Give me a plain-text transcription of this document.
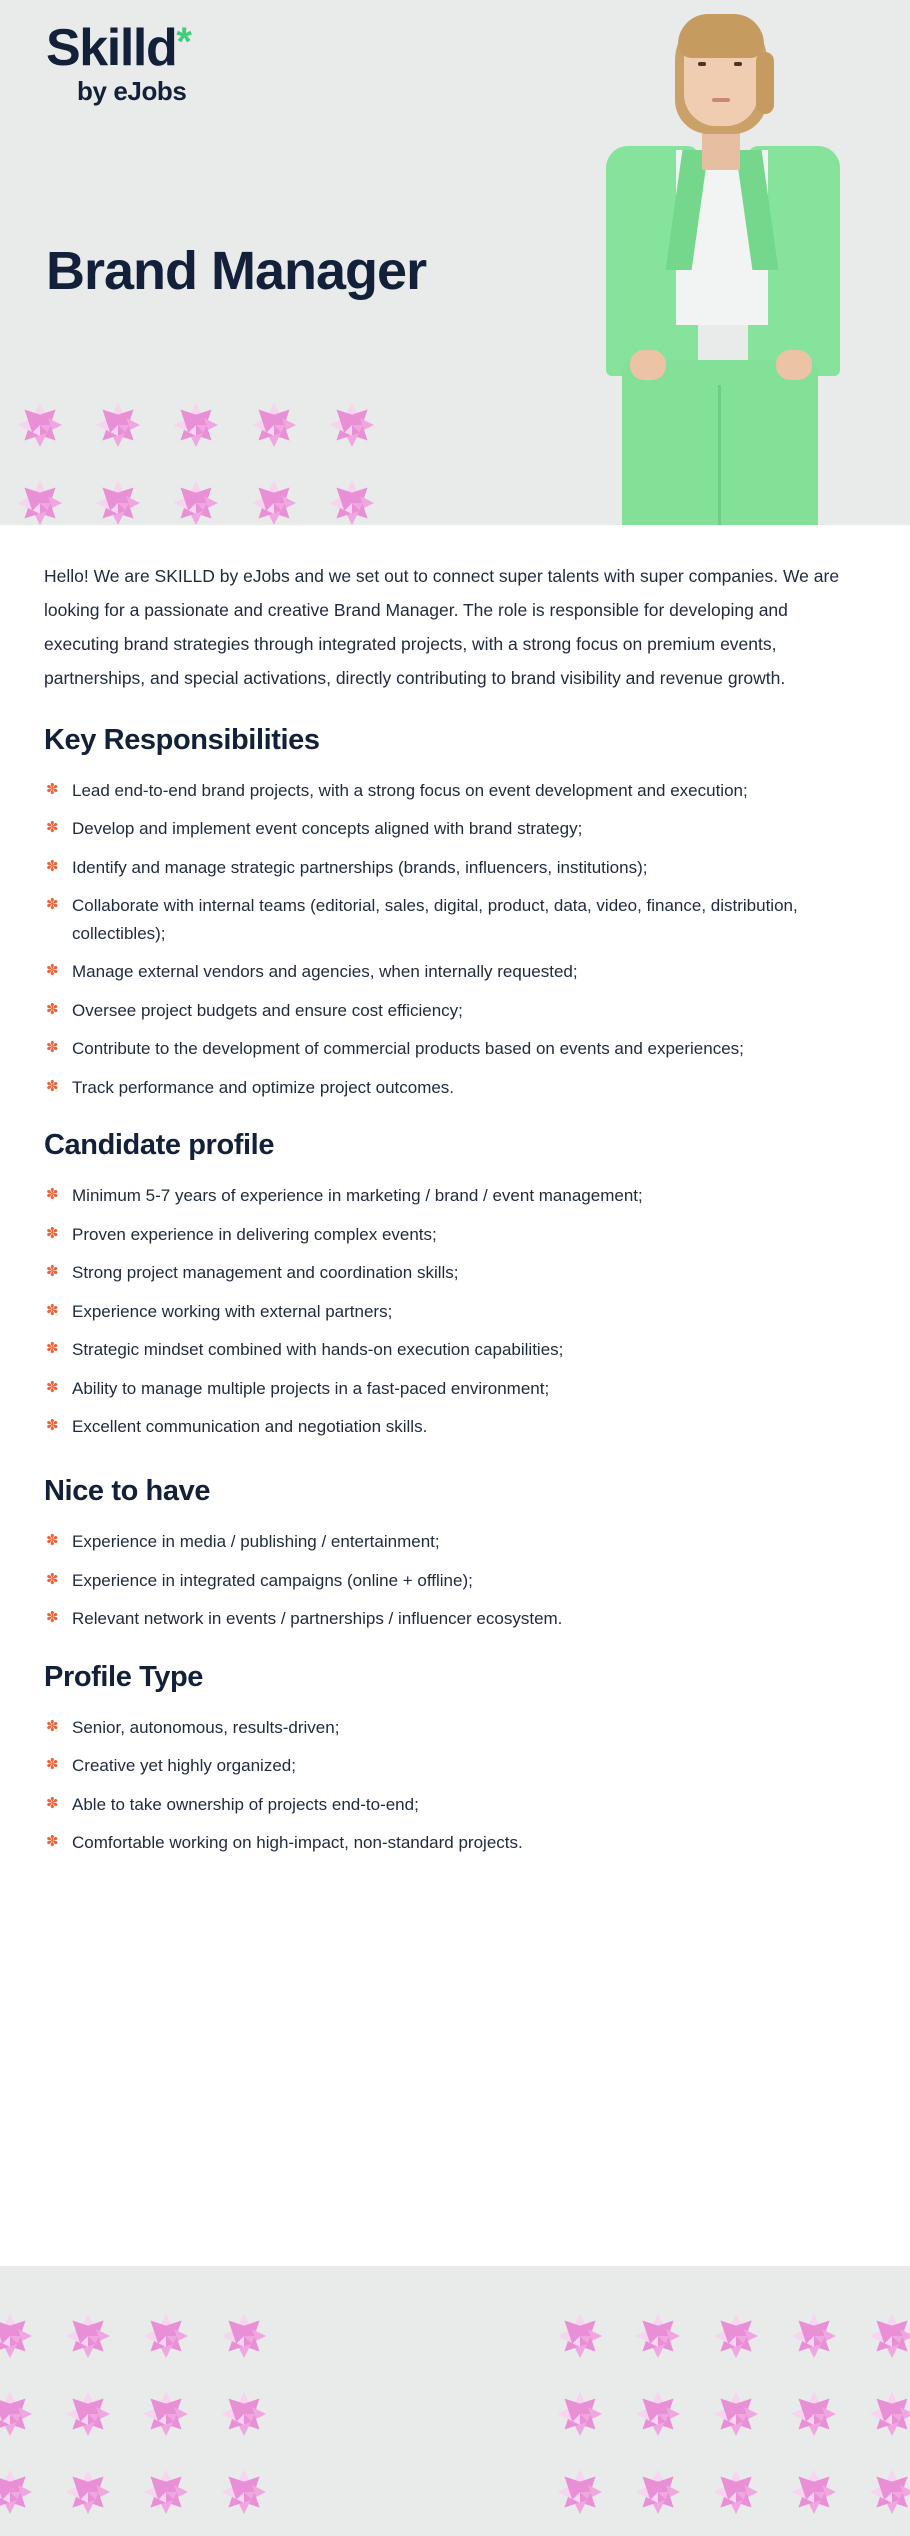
Skilld*
by eJobs
Brand Manager

Hello! We are SKILLD by eJobs and we set out to connect super talents with super companies. We are looking for a passionate and creative Brand Manager. The role is responsible for developing and executing brand strategies through integrated projects, with a strong focus on premium events, partnerships, and special activations, directly contributing to brand visibility and revenue growth.

Key Responsibilities
✽ Lead end-to-end brand projects, with a strong focus on event development and execution;
✽ Develop and implement event concepts aligned with brand strategy;
✽ Identify and manage strategic partnerships (brands, influencers, institutions);
✽ Collaborate with internal teams (editorial, sales, digital, product, data, video, finance, distribution, collectibles);
✽ Manage external vendors and agencies, when internally requested;
✽ Oversee project budgets and ensure cost efficiency;
✽ Contribute to the development of commercial products based on events and experiences;
✽ Track performance and optimize project outcomes.
Candidate profile
✽ Minimum 5-7 years of experience in marketing / brand / event management;
✽ Proven experience in delivering complex events;
✽ Strong project management and coordination skills;
✽ Experience working with external partners;
✽ Strategic mindset combined with hands-on execution capabilities;
✽ Ability to manage multiple projects in a fast-paced environment;
✽ Excellent communication and negotiation skills.
Nice to have
✽ Experience in media / publishing / entertainment;
✽ Experience in integrated campaigns (online + offline);
✽ Relevant network in events / partnerships / influencer ecosystem.
Profile Type
✽ Senior, autonomous, results-driven;
✽ Creative yet highly organized;
✽ Able to take ownership of projects end-to-end;
✽ Comfortable working on high-impact, non-standard projects.
